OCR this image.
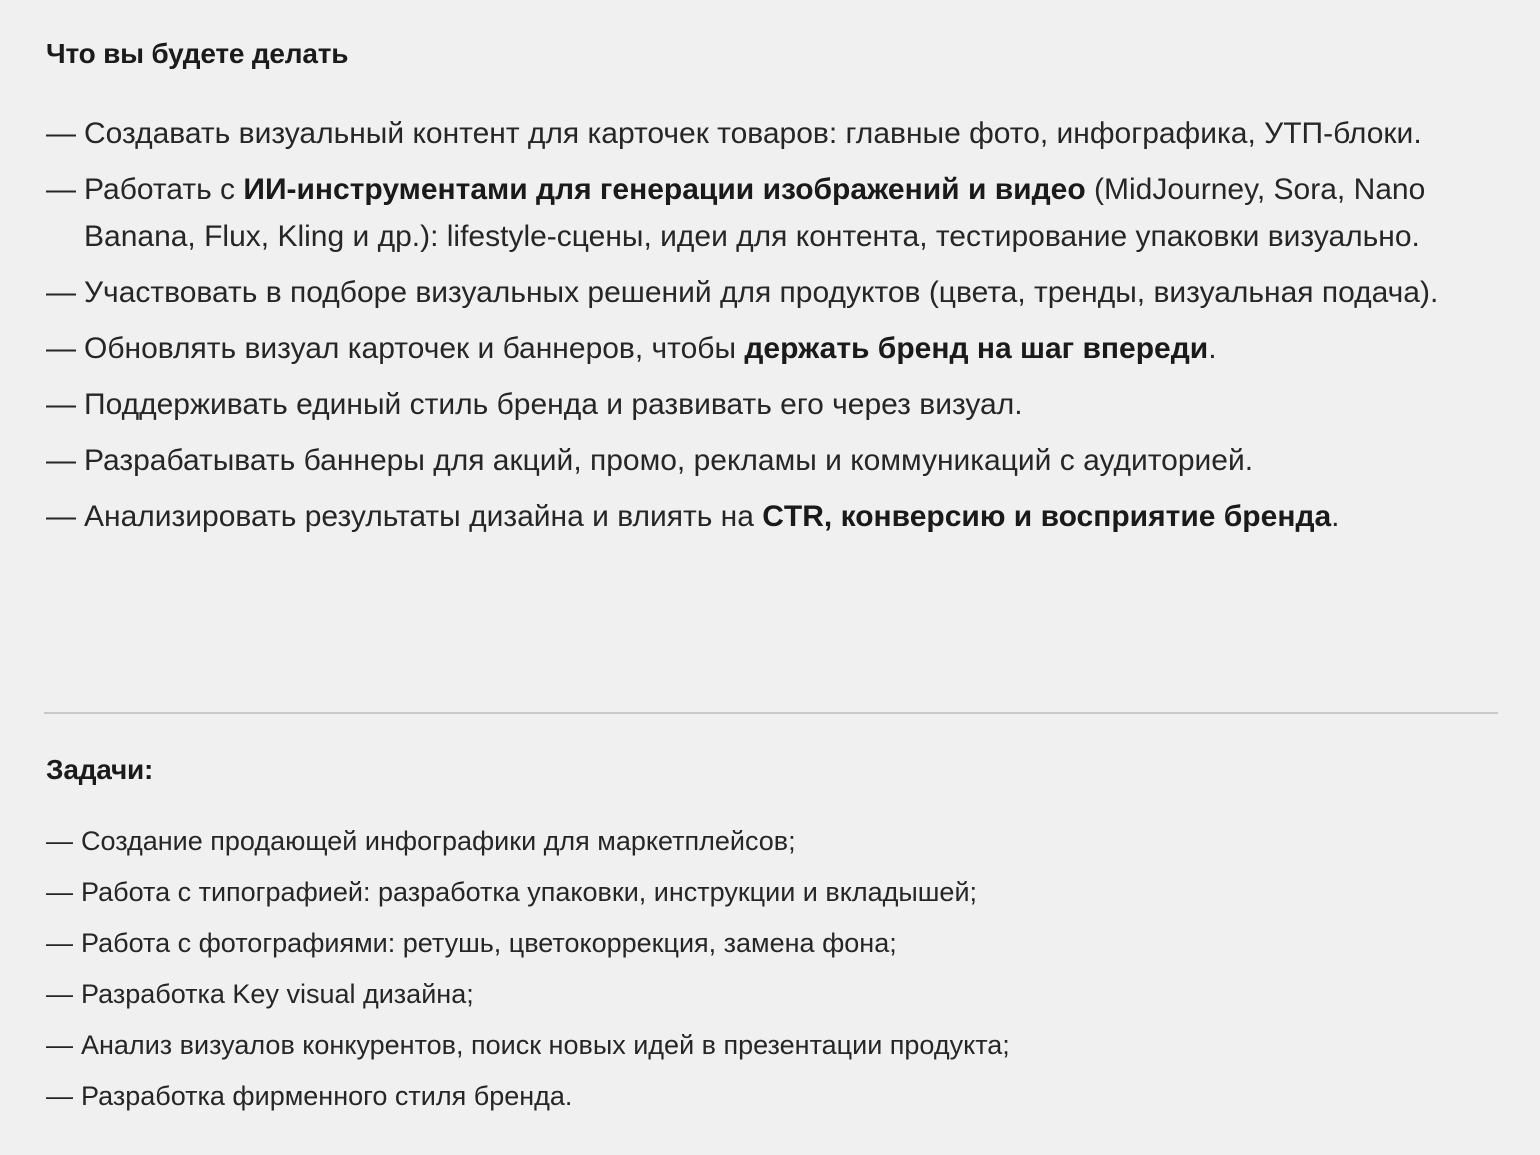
Что вы будете делать
— Создавать визуальный контент для карточек товаров: главные фото, инфографика, УТП-блоки.
— Работать с ИИ-инструментами для генерации изображений и видео (MidJourney, Sora, Nano Banana, Flux, Kling и др.): lifestyle-сцены, идеи для контента, тестирование упаковки визуально.
— Участвовать в подборе визуальных решений для продуктов (цвета, тренды, визуальная подача).
— Обновлять визуал карточек и баннеров, чтобы держать бренд на шаг впереди.
— Поддерживать единый стиль бренда и развивать его через визуал.
— Разрабатывать баннеры для акций, промо, рекламы и коммуникаций с аудиторией.
— Анализировать результаты дизайна и влиять на CTR, конверсию и восприятие бренда.
Задачи:
— Создание продающей инфографики для маркетплейсов;
— Работа с типографией: разработка упаковки, инструкции и вкладышей;
— Работа с фотографиями: ретушь, цветокоррекция, замена фона;
— Разработка Key visual дизайна;
— Анализ визуалов конкурентов, поиск новых идей в презентации продукта;
— Разработка фирменного стиля бренда.
